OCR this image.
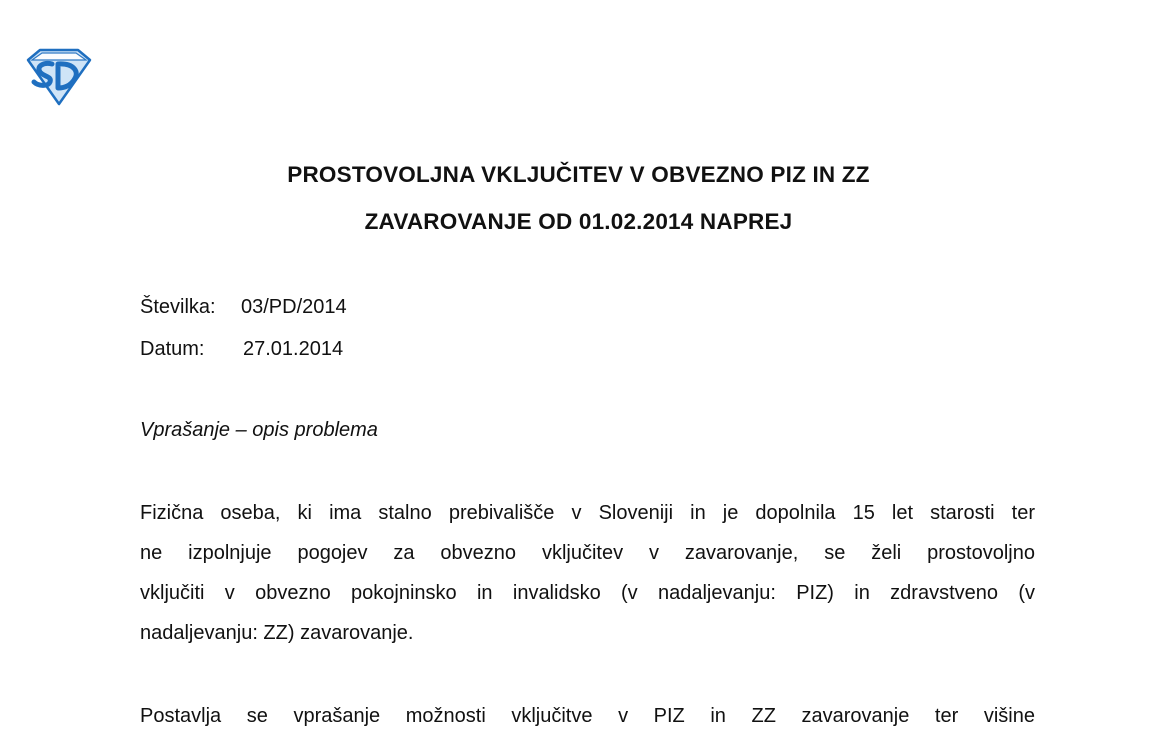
PROSTOVOLJNA VKLJUČITEV V OBVEZNO PIZ IN ZZ
ZAVAROVANJE OD 01.02.2014 NAPREJ
Številka: 03/PD/2014
Datum: 27.01.2014
Vprašanje – opis problema
Fizična oseba, ki ima stalno prebivališče v Sloveniji in je dopolnila 15 let starosti ter
ne izpolnjuje pogojev za obvezno vključitev v zavarovanje, se želi prostovoljno
vključiti v obvezno pokojninsko in invalidsko (v nadaljevanju: PIZ) in zdravstveno (v
nadaljevanju: ZZ) zavarovanje.
Postavlja se vprašanje možnosti vključitve v PIZ in ZZ zavarovanje ter višine
